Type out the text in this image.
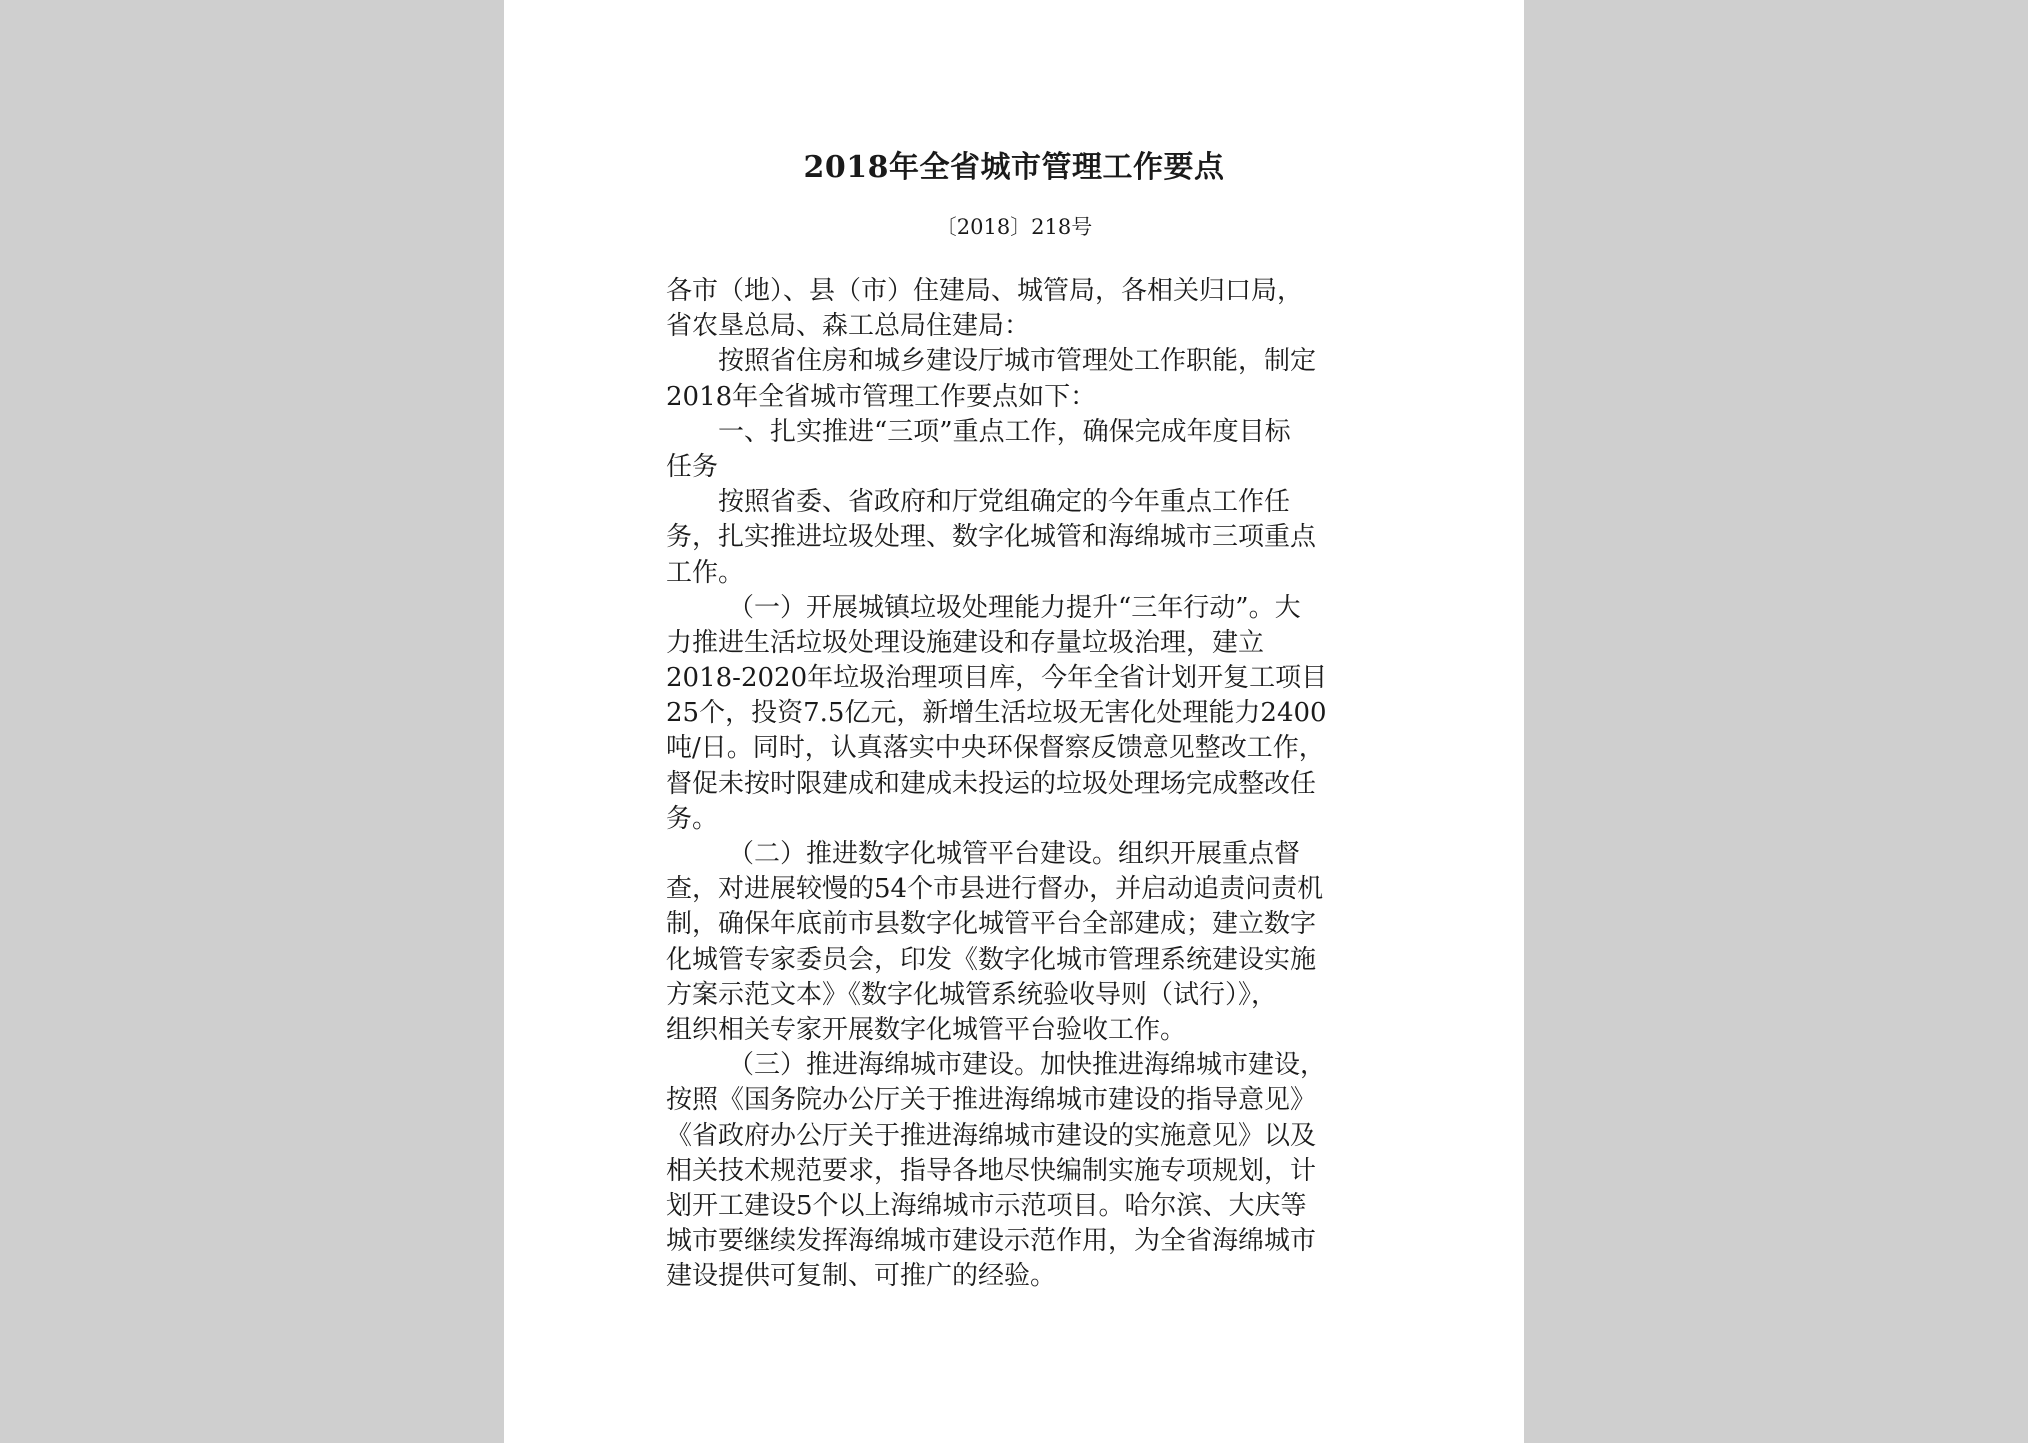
2018年全省城市管理工作要点
〔2018〕218号
各市（地）、县（市）住建局、城管局，各相关归口局，
省农垦总局、森工总局住建局：
按照省住房和城乡建设厅城市管理处工作职能，制定
2018年全省城市管理工作要点如下：
一、扎实推进“三项”重点工作，确保完成年度目标
任务
按照省委、省政府和厅党组确定的今年重点工作任
务，扎实推进垃圾处理、数字化城管和海绵城市三项重点
工作。
（一）开展城镇垃圾处理能力提升“三年行动”。大
力推进生活垃圾处理设施建设和存量垃圾治理，建立
2018-2020年垃圾治理项目库，今年全省计划开复工项目
25个，投资7.5亿元，新增生活垃圾无害化处理能力2400
吨/日。同时，认真落实中央环保督察反馈意见整改工作，
督促未按时限建成和建成未投运的垃圾处理场完成整改任
务。
（二）推进数字化城管平台建设。组织开展重点督
查，对进展较慢的54个市县进行督办，并启动追责问责机
制，确保年底前市县数字化城管平台全部建成；建立数字
化城管专家委员会，印发《数字化城市管理系统建设实施
方案示范文本》《数字化城管系统验收导则（试行）》，
组织相关专家开展数字化城管平台验收工作。
（三）推进海绵城市建设。加快推进海绵城市建设，
按照《国务院办公厅关于推进海绵城市建设的指导意见》
《省政府办公厅关于推进海绵城市建设的实施意见》以及
相关技术规范要求，指导各地尽快编制实施专项规划，计
划开工建设5个以上海绵城市示范项目。哈尔滨、大庆等
城市要继续发挥海绵城市建设示范作用，为全省海绵城市
建设提供可复制、可推广的经验。
